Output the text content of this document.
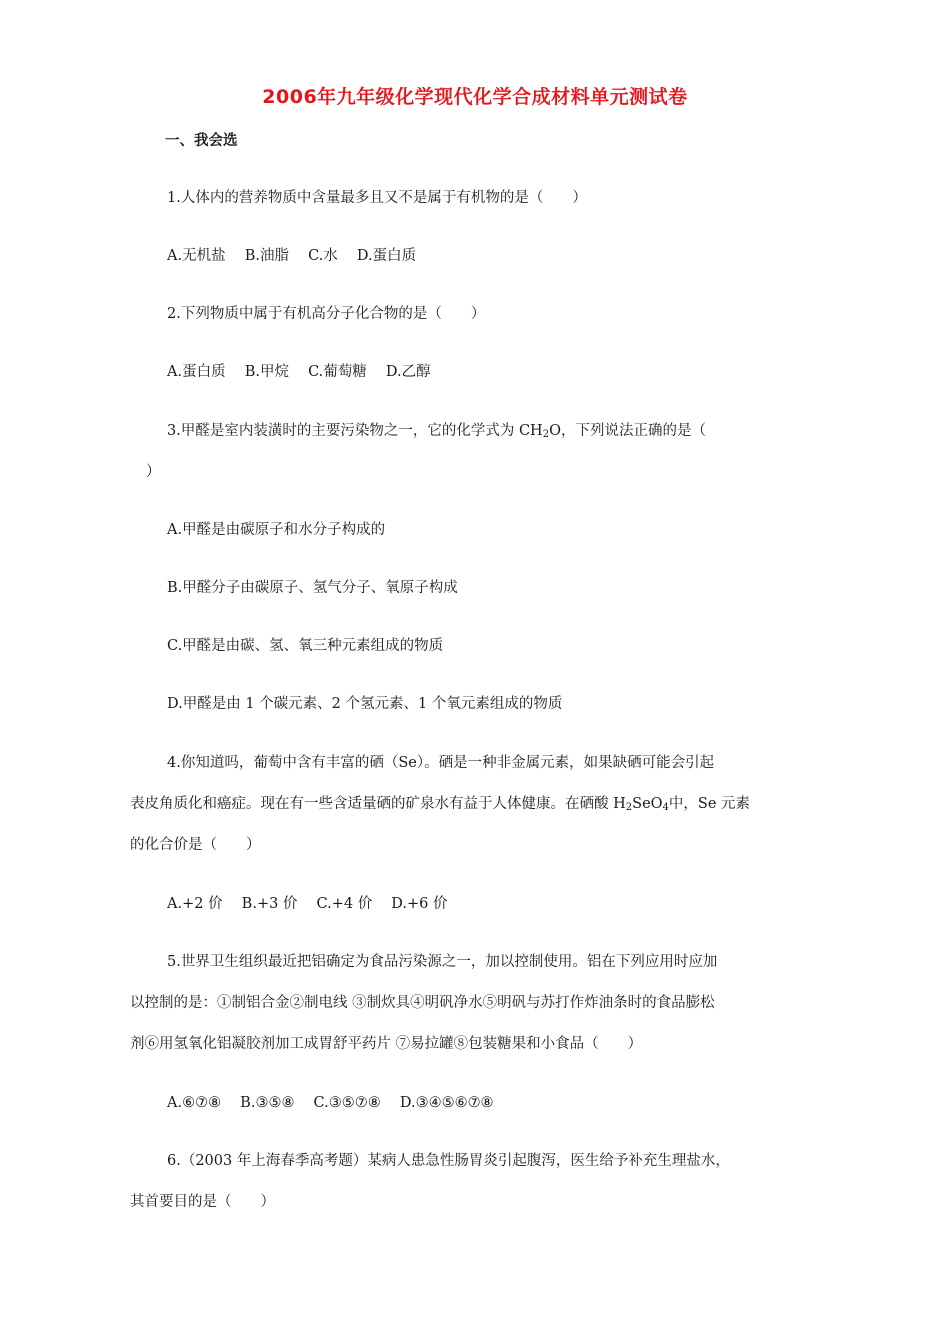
2006年九年级化学现代化学合成材料单元测试卷
一、我会选
1.人体内的营养物质中含量最多且又不是属于有机物的是（　　）
A.无机盐　 B.油脂　 C.水　 D.蛋白质
2.下列物质中属于有机高分子化合物的是（　　）
A.蛋白质　 B.甲烷　 C.葡萄糖　 D.乙醇
3.甲醛是室内装潢时的主要污染物之一，它的化学式为 $CH_2O$，下列说法正确的是（
）
A.甲醛是由碳原子和水分子构成的
B.甲醛分子由碳原子、氢气分子、氧原子构成
C.甲醛是由碳、氢、氧三种元素组成的物质
D.甲醛是由 1 个碳元素、2 个氢元素、1 个氧元素组成的物质
4.你知道吗，葡萄中含有丰富的硒（Se）。硒是一种非金属元素，如果缺硒可能会引起
表皮角质化和癌症。现在有一些含适量硒的矿泉水有益于人体健康。在硒酸 $H_2SeO_4$中，Se 元素
的化合价是（　　）
A.+2 价　 B.+3 价　 C.+4 价　 D.+6 价
5.世界卫生组织最近把铝确定为食品污染源之一，加以控制使用。铝在下列应用时应加
以控制的是：①制铝合金②制电线 ③制炊具④明矾净水⑤明矾与苏打作炸油条时的食品膨松
剂⑥用氢氧化铝凝胶剂加工成胃舒平药片 ⑦易拉罐⑧包装糖果和小食品（　　）
A.⑥⑦⑧　 B.③⑤⑧　 C.③⑤⑦⑧　 D.③④⑤⑥⑦⑧
6.（2003 年上海春季高考题）某病人患急性肠胃炎引起腹泻，医生给予补充生理盐水，
其首要目的是（　　）
